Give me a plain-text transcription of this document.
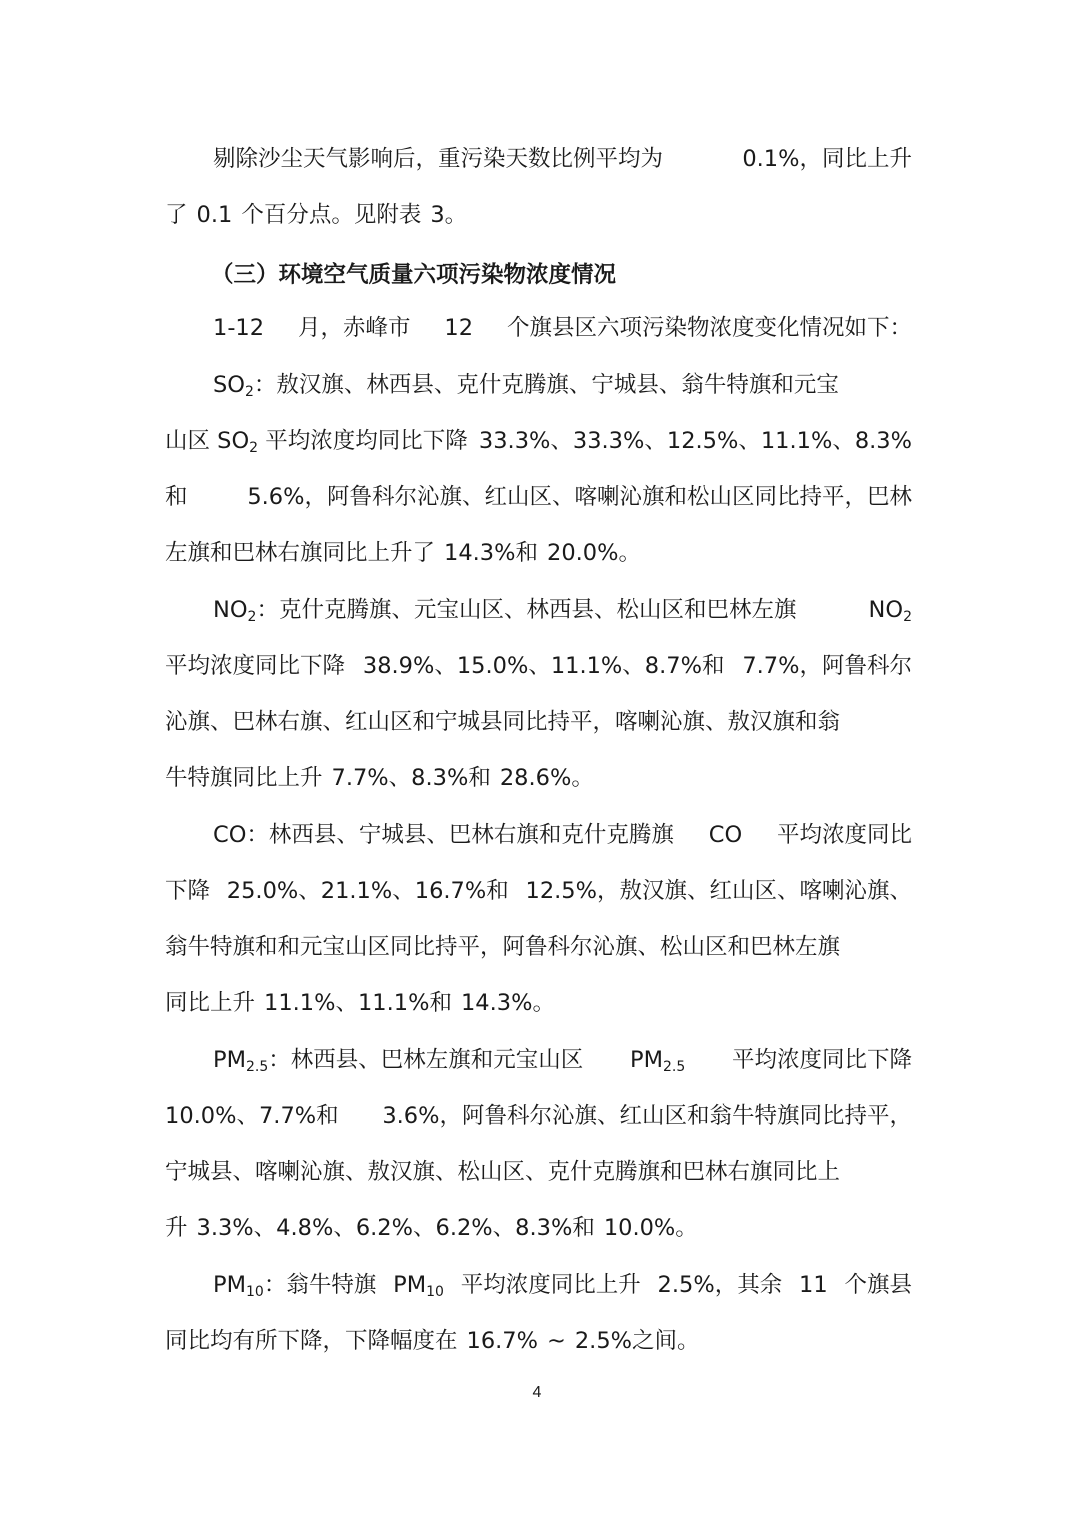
剔除沙尘天气影响后，重污染天数比例平均为	0.1%，同比上升
了 0.1 个百分点。见附表 3。
（三）环境空气质量六项污染物浓度情况
1-12 月，赤峰市 12 个旗县区六项污染物浓度变化情况如下：
$SO_2$：敖汉旗、林西县、克什克腾旗、宁城县、翁牛特旗和元宝
山区 $SO_2$ 平均浓度均同比下降 33.3%、33.3%、12.5%、11.1%、8.3%
和	5.6%，阿鲁科尔沁旗、红山区、喀喇沁旗和松山区同比持平，巴林
左旗和巴林右旗同比上升了 14.3%和 20.0%。
$NO_2$：克什克腾旗、元宝山区、林西县、松山区和巴林左旗	$NO_2$
平均浓度同比下降 38.9%、15.0%、11.1%、8.7%和 7.7%，阿鲁科尔
沁旗、巴林右旗、红山区和宁城县同比持平，喀喇沁旗、敖汉旗和翁
牛特旗同比上升 7.7%、8.3%和 28.6%。
CO：林西县、宁城县、巴林右旗和克什克腾旗 CO 平均浓度同比
下降 25.0%、21.1%、16.7%和 12.5%，敖汉旗、红山区、喀喇沁旗、
翁牛特旗和和元宝山区同比持平，阿鲁科尔沁旗、松山区和巴林左旗
同比上升 11.1%、11.1%和 14.3%。
$PM_{2.5}$：林西县、巴林左旗和元宝山区 $PM_{2.5}$ 平均浓度同比下降
10.0%、7.7%和 3.6%，阿鲁科尔沁旗、红山区和翁牛特旗同比持平，
宁城县、喀喇沁旗、敖汉旗、松山区、克什克腾旗和巴林右旗同比上
升 3.3%、4.8%、6.2%、6.2%、8.3%和 10.0%。
$PM_{10}$：翁牛特旗 $PM_{10}$ 平均浓度同比上升 2.5%，其余 11 个旗县
同比均有所下降，下降幅度在 16.7% ~ 2.5%之间。
4
